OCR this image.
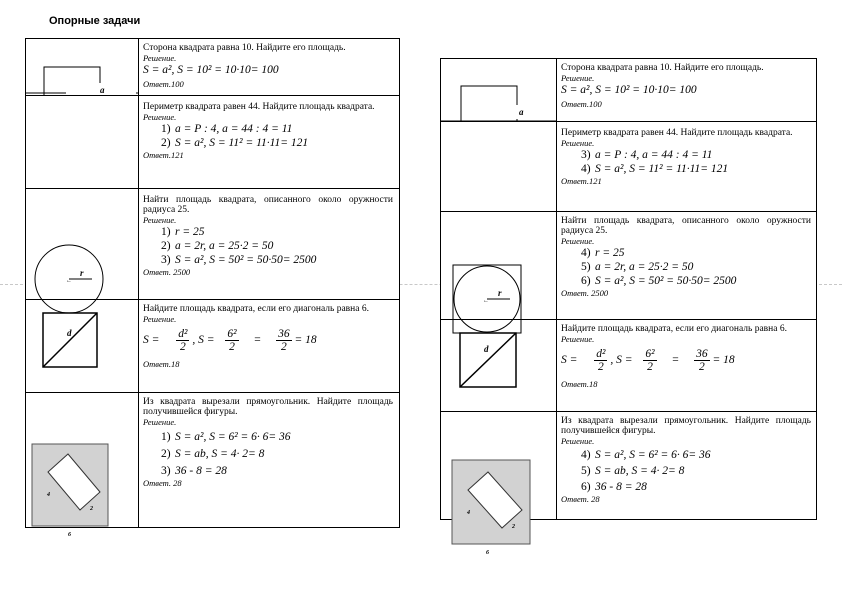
Опорные задачи
a
Сторона квадрата равна 10. Найдите его площадь.
Решение.
S = a², S = 10² = 10·10= 100
Ответ.100
Периметр квадрата равен 44. Найдите площадь квадрата.
Решение.
1) a = P : 4, a = 44 : 4 = 11
2) S = a², S = 11² = 11·11= 121
Ответ.121
Найти площадь квадрата, описанного около оружности радиуса 25.
Решение.
1) r = 25
2) a = 2r, a = 25·2 = 50
3) S = a², S = 50² = 50·50= 2500
Ответ. 2500
Найдите площадь квадрата, если его диагональ равна 6.
Решение.
$S = \frac{\text{d²}}{2}$ , $S = \frac{\text{6²}}{2} = \frac{36}{2} = 18$
Ответ.18
Из квадрата вырезали прямоугольник. Найдите площадь получившейся фигуры.
Решение.
1) S = a², S = 6² = 6· 6= 36
2) S = ab, S = 4· 2= 8
3) 36 - 8 = 28
Ответ. 28
r
←
d
4
2
6
a
Сторона квадрата равна 10. Найдите его площадь.
Решение.
S = a², S = 10² = 10·10= 100
Ответ.100
Периметр квадрата равен 44. Найдите площадь квадрата.
Решение.
3) a = P : 4, a = 44 : 4 = 11
4) S = a², S = 11² = 11·11= 121
Ответ.121
Найти площадь квадрата, описанного около оружности радиуса 25.
Решение.
4) r = 25
5) a = 2r, a = 25·2 = 50
6) S = a², S = 50² = 50·50= 2500
Ответ. 2500
Найдите площадь квадрата, если его диагональ равна 6.
Решение.
$S = \frac{\text{d²}}{2}$ , $S = \frac{\text{6²}}{2} = \frac{36}{2} = 18$
Ответ.18
Из квадрата вырезали прямоугольник. Найдите площадь получившейся фигуры.
Решение.
4) S = a², S = 6² = 6· 6= 36
5) S = ab, S = 4· 2= 8
6) 36 - 8 = 28
Ответ. 28
r
←
d
4
2
6
